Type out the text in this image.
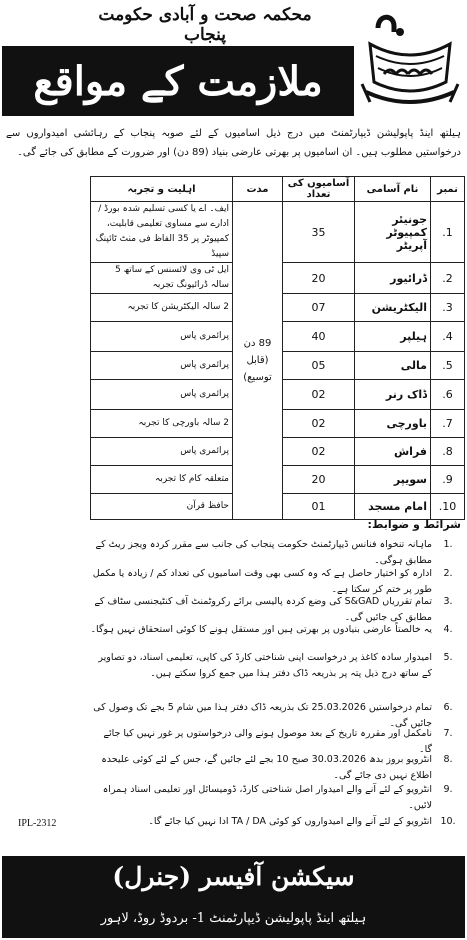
محکمہ صحت و آبادی حکومت پنجاب
ملازمت کے مواقع
ہیلتھ اینڈ پاپولیشن ڈیپارٹمنٹ میں درج ذیل اسامیوں کے لئے صوبہ پنجاب کے رہائشی امیدواروں سے درخواستیں مطلوب ہیں۔ ان اسامیوں پر بھرتی عارضی بنیاد (89 دن) اور ضرورت کے مطابق کی جائے گی۔
نمبر	نام آسامی	آسامیوں کی تعداد	مدت	اہلیت و تجربہ
1.	جونیئر کمپیوٹر آپریٹر	35	89 دن (قابل توسیع)	ایف۔ اے یا کسی تسلیم شدہ بورڈ / ادارے سے مساوی تعلیمی قابلیت، کمپیوٹر پر 35 الفاظ فی منٹ ٹائپنگ سپیڈ
2.	ڈرائیور	20		ایل ٹی وی لائسنس کے ساتھ 5 سالہ ڈرائیونگ تجربہ
3.	الیکٹریشن	07		2 سالہ الیکٹریشن کا تجربہ
4.	ہیلپر	40		پرائمری پاس
5.	مالی	05		پرائمری پاس
6.	ڈاک رنر	02		پرائمری پاس
7.	باورچی	02		2 سالہ باورچی کا تجربہ
8.	فراش	02		پرائمری پاس
9.	سویپر	20		متعلقہ کام کا تجربہ
10.	امام مسجد	01		حافظ قرآن
شرائط و ضوابط:
1.
ماہانہ تنخواہ فنانس ڈیپارٹمنٹ حکومت پنجاب کی جانب سے مقرر کردہ ویجز ریٹ کے مطابق ہوگی۔
2.
ادارہ کو اختیار حاصل ہے کہ وہ کسی بھی وقت اسامیوں کی تعداد کم / زیادہ یا مکمل طور پر ختم کر سکتا ہے۔
3.
تمام تقرریاں S&GAD کی وضع کردہ پالیسی برائے رکروٹمنٹ آف کنٹیجنسی سٹاف کے مطابق کی جائیں گی۔
4.
یہ خالصتاً عارضی بنیادوں پر بھرتی ہیں اور مستقل ہونے کا کوئی استحقاق نہیں ہوگا۔
5.
امیدوار سادہ کاغذ پر درخواست اپنی شناختی کارڈ کی کاپی، تعلیمی اسناد، دو تصاویر کے ساتھ درج ذیل پتہ پر بذریعہ ڈاک دفتر ہذا میں جمع کروا سکتے ہیں۔
6.
تمام درخواستیں 25.03.2026 تک بذریعہ ڈاک دفتر ہذا میں شام 5 بجے تک وصول کی جائیں گی۔
7.
نامکمل اور مقررہ تاریخ کے بعد موصول ہونے والی درخواستوں پر غور نہیں کیا جائے گا۔
8.
انٹرویو بروز بدھ 30.03.2026 صبح 10 بجے لئے جائیں گے، جس کے لئے کوئی علیحدہ اطلاع نہیں دی جائے گی۔
9.
انٹرویو کے لئے آنے والے امیدوار اصل شناختی کارڈ، ڈومیسائل اور تعلیمی اسناد ہمراہ لائیں۔
10.
انٹرویو کے لئے آنے والے امیدواروں کو کوئی TA / DA ادا نہیں کیا جائے گا۔
IPL-2312
سیکشن آفیسر (جنرل)
ہیلتھ اینڈ پاپولیشن ڈیپارٹمنٹ 1- بردوڈ روڈ، لاہور
